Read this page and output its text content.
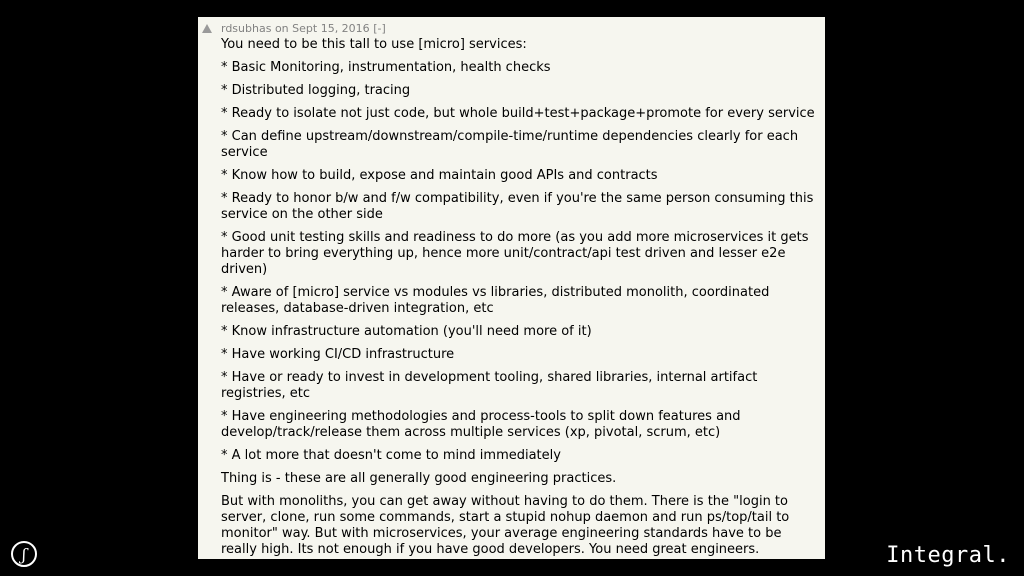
rdsubhas on Sept 15, 2016 [-]

You need to be this tall to use [micro] services:

* Basic Monitoring, instrumentation, health checks

* Distributed logging, tracing

* Ready to isolate not just code, but whole build+test+package+promote for every service

* Can define upstream/downstream/compile-time/runtime dependencies clearly for each service

* Know how to build, expose and maintain good APIs and contracts

* Ready to honor b/w and f/w compatibility, even if you're the same person consuming this service on the other side

* Good unit testing skills and readiness to do more (as you add more microservices it gets harder to bring everything up, hence more unit/contract/api test driven and lesser e2e driven)

* Aware of [micro] service vs modules vs libraries, distributed monolith, coordinated releases, database-driven integration, etc

* Know infrastructure automation (you'll need more of it)

* Have working CI/CD infrastructure

* Have or ready to invest in development tooling, shared libraries, internal artifact registries, etc

* Have engineering methodologies and process-tools to split down features and develop/track/release them across multiple services (xp, pivotal, scrum, etc)

* A lot more that doesn't come to mind immediately

Thing is - these are all generally good engineering practices.

But with monoliths, you can get away without having to do them. There is the "login to server, clone, run some commands, start a stupid nohup daemon and run ps/top/tail to monitor" way. But with microservices, your average engineering standards have to be really high. Its not enough if you have good developers. You need great engineers.

ʃ	Integral.
